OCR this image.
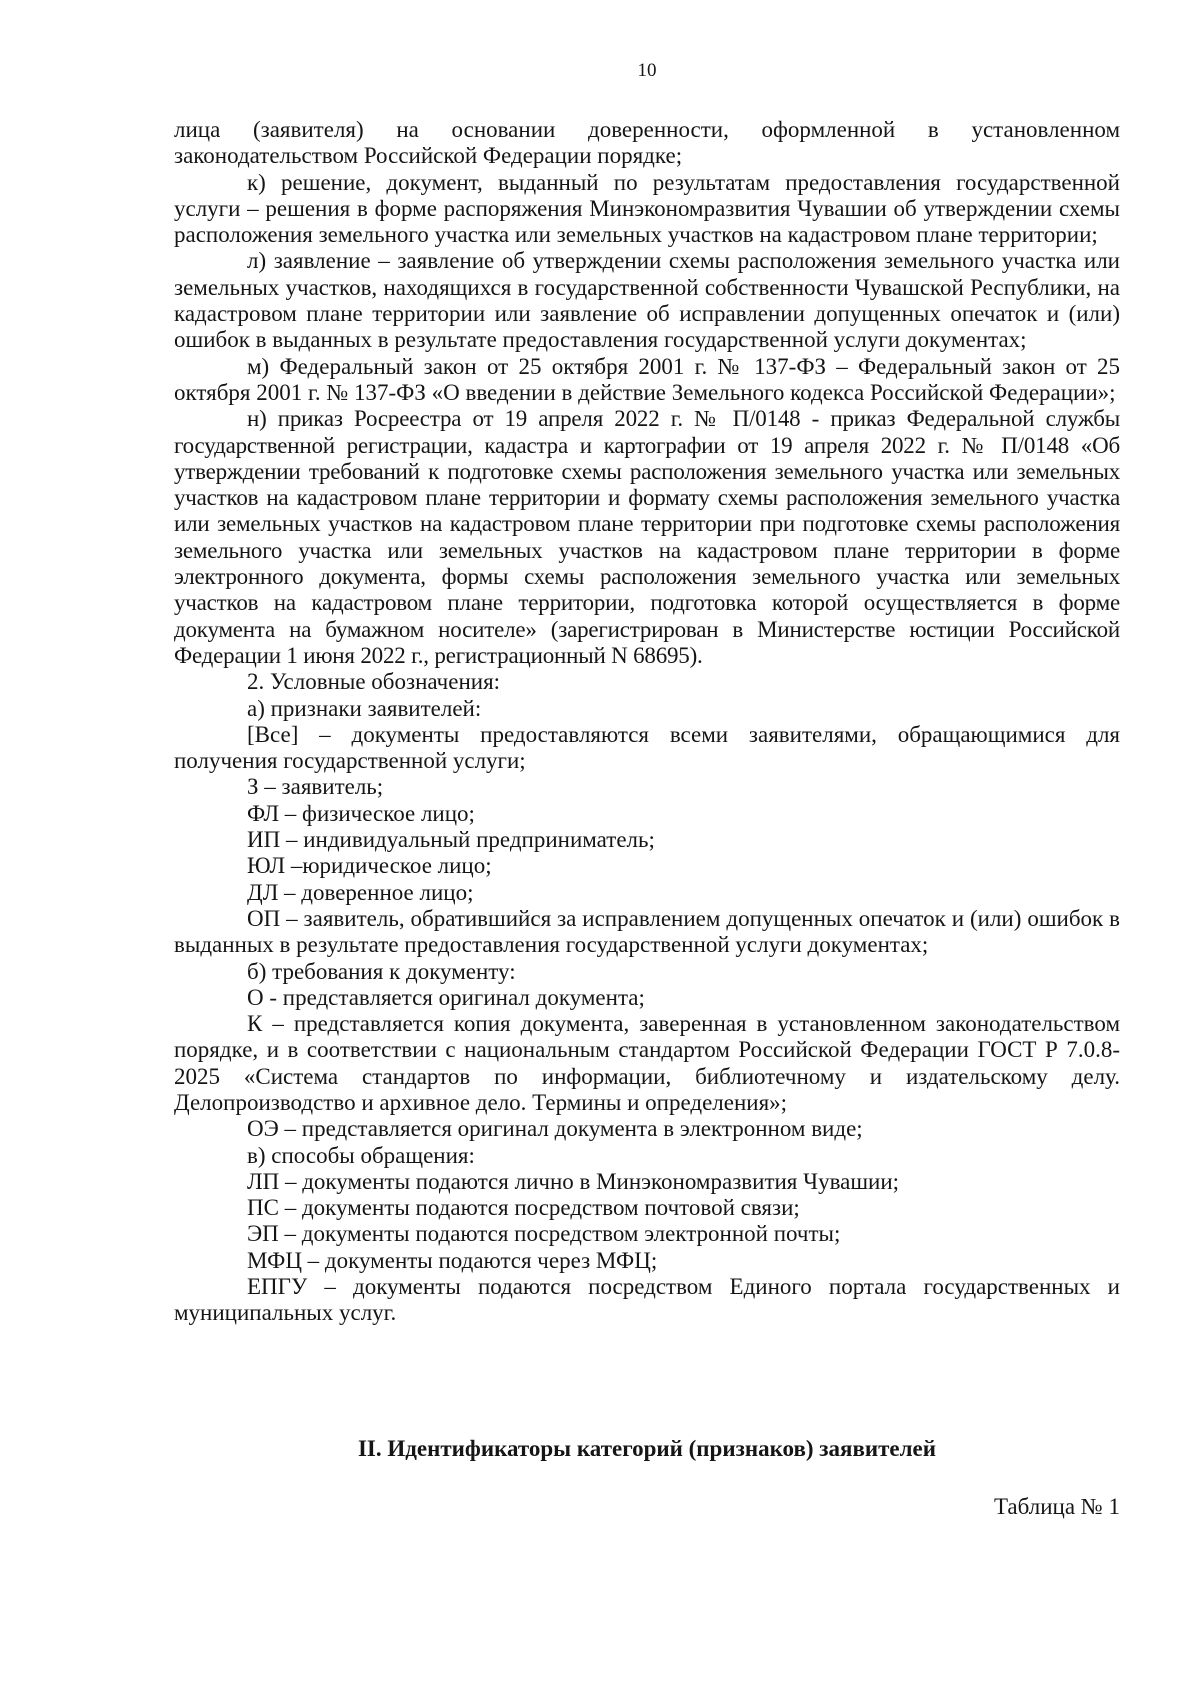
10

лица (заявителя) на основании доверенности, оформленной в установленном законодательством Российской Федерации порядке;

к) решение, документ, выданный по результатам предоставления государственной услуги – решения в форме распоряжения Минэкономразвития Чувашии об утверждении схемы расположения земельного участка или земельных участков на кадастровом плане территории;

л) заявление – заявление об утверждении схемы расположения земельного участка или земельных участков, находящихся в государственной собственности Чувашской Республики, на кадастровом плане территории или заявление об исправлении допущенных опечаток и (или) ошибок в выданных в результате предоставления государственной услуги документах;

м) Федеральный закон от 25 октября 2001 г. № 137-ФЗ – Федеральный закон от 25 октября 2001 г. № 137-ФЗ «О введении в действие Земельного кодекса Российской Федерации»;

н) приказ Росреестра от 19 апреля 2022 г. № П/0148 - приказ Федеральной службы государственной регистрации, кадастра и картографии от 19 апреля 2022 г. № П/0148 «Об утверждении требований к подготовке схемы расположения земельного участка или земельных участков на кадастровом плане территории и формату схемы расположения земельного участка или земельных участков на кадастровом плане территории при подготовке схемы расположения земельного участка или земельных участков на кадастровом плане территории в форме электронного документа, формы схемы расположения земельного участка или земельных участков на кадастровом плане территории, подготовка которой осуществляется в форме документа на бумажном носителе» (зарегистрирован в Министерстве юстиции Российской Федерации 1 июня 2022 г., регистрационный N 68695).

2. Условные обозначения:

а) признаки заявителей:

[Все] – документы предоставляются всеми заявителями, обращающимися для получения государственной услуги;

З – заявитель;

ФЛ – физическое лицо;

ИП – индивидуальный предприниматель;

ЮЛ –юридическое лицо;

ДЛ – доверенное лицо;

ОП – заявитель, обратившийся за исправлением допущенных опечаток и (или) ошибок в выданных в результате предоставления государственной услуги документах;

б) требования к документу:

О - представляется оригинал документа;

К – представляется копия документа, заверенная в установленном законодательством порядке, и в соответствии с национальным стандартом Российской Федерации ГОСТ Р 7.0.8-2025 «Система стандартов по информации, библиотечному и издательскому делу. Делопроизводство и архивное дело. Термины и определения»;

ОЭ – представляется оригинал документа в электронном виде;

в) способы обращения:

ЛП – документы подаются лично в Минэкономразвития Чувашии;

ПС – документы подаются посредством почтовой связи;

ЭП – документы подаются посредством электронной почты;

МФЦ – документы подаются через МФЦ;

ЕПГУ – документы подаются посредством Единого портала государственных и муниципальных услуг.

II. Идентификаторы категорий (признаков) заявителей
Таблица № 1
